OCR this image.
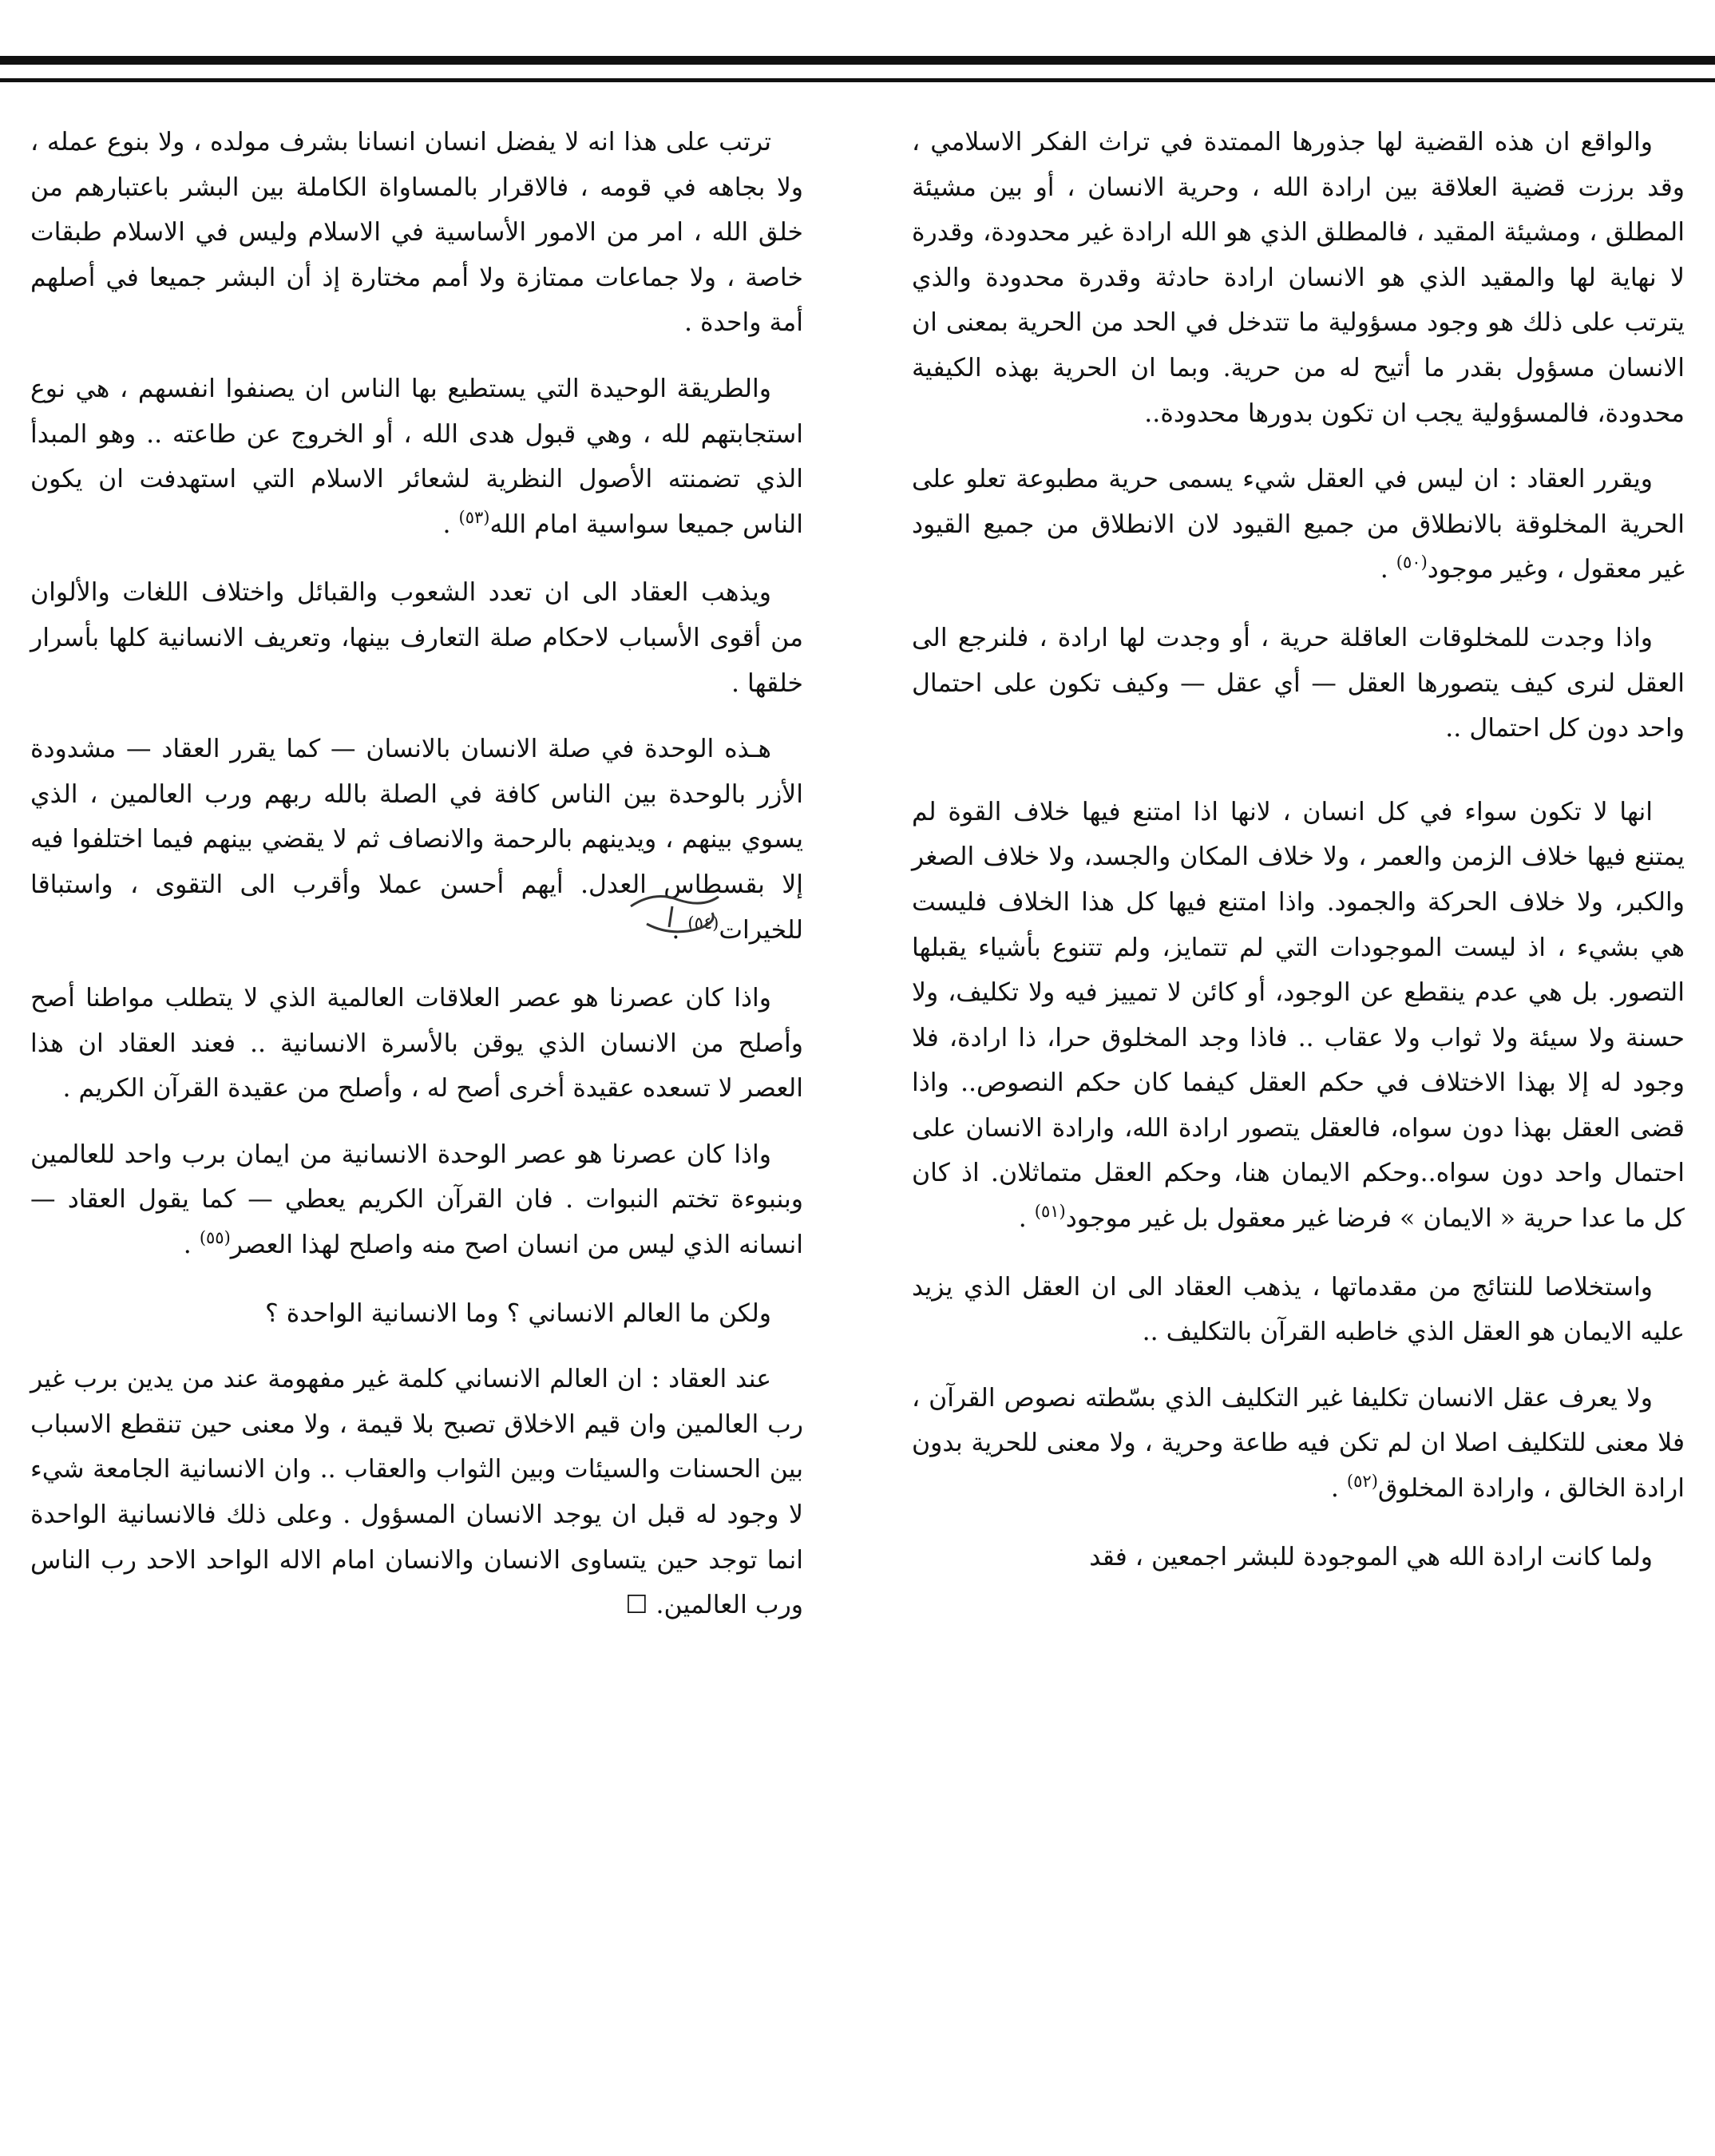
والواقع ان هذه القضية لها جذورها الممتدة في تراث الفكر الاسلامي ، وقد برزت قضية العلاقة بين ارادة الله ، وحرية الانسان ، أو بين مشيئة المطلق ، ومشيئة المقيد ، فالمطلق الذي هو الله ارادة غير محدودة، وقدرة لا نهاية لها والمقيد الذي هو الانسان ارادة حادثة وقدرة محدودة والذي يترتب على ذلك هو وجود مسؤولية ما تتدخل في الحد من الحرية بمعنى ان الانسان مسؤول بقدر ما أتيح له من حرية. وبما ان الحرية بهذه الكيفية محدودة، فالمسؤولية يجب ان تكون بدورها محدودة..

ويقرر العقاد : ان ليس في العقل شيء يسمى حرية مطبوعة تعلو على الحرية المخلوقة بالانطلاق من جميع القيود لان الانطلاق من جميع القيود غير معقول ، وغير موجود$^{(٥٠)}$ .

واذا وجدت للمخلوقات العاقلة حرية ، أو وجدت لها ارادة ، فلنرجع الى العقل لنرى كيف يتصورها العقل — أي عقل — وكيف تكون على احتمال واحد دون كل احتمال ..

انها لا تكون سواء في كل انسان ، لانها اذا امتنع فيها خلاف القوة لم يمتنع فيها خلاف الزمن والعمر ، ولا خلاف المكان والجسد، ولا خلاف الصغر والكبر، ولا خلاف الحركة والجمود. واذا امتنع فيها كل هذا الخلاف فليست هي بشيء ، اذ ليست الموجودات التي لم تتمايز، ولم تتنوع بأشياء يقبلها التصور. بل هي عدم ينقطع عن الوجود، أو كائن لا تمييز فيه ولا تكليف، ولا حسنة ولا سيئة ولا ثواب ولا عقاب .. فاذا وجد المخلوق حرا، ذا ارادة، فلا وجود له إلا بهذا الاختلاف في حكم العقل كيفما كان حكم النصوص.. واذا قضى العقل بهذا دون سواه، فالعقل يتصور ارادة الله، وارادة الانسان على احتمال واحد دون سواه..وحكم الايمان هنا، وحكم العقل متماثلان. اذ كان كل ما عدا حرية « الايمان » فرضا غير معقول بل غير موجود$^{(٥١)}$ .

واستخلاصا للنتائج من مقدماتها ، يذهب العقاد الى ان العقل الذي يزيد عليه الايمان هو العقل الذي خاطبه القرآن بالتكليف ..

ولا يعرف عقل الانسان تكليفا غير التكليف الذي بسّطته نصوص القرآن ، فلا معنى للتكليف اصلا ان لم تكن فيه طاعة وحرية ، ولا معنى للحرية بدون ارادة الخالق ، وارادة المخلوق$^{(٥٢)}$ .

ولما كانت ارادة الله هي الموجودة للبشر اجمعين ، فقد

ترتب على هذا انه لا يفضل انسان انسانا بشرف مولده ، ولا بنوع عمله ، ولا بجاهه في قومه ، فالاقرار بالمساواة الكاملة بين البشر باعتبارهم من خلق الله ، امر من الامور الأساسية في الاسلام وليس في الاسلام طبقات خاصة ، ولا جماعات ممتازة ولا أمم مختارة إذ أن البشر جميعا في أصلهم أمة واحدة .

والطريقة الوحيدة التي يستطيع بها الناس ان يصنفوا انفسهم ، هي نوع استجابتهم لله ، وهي قبول هدى الله ، أو الخروج عن طاعته .. وهو المبدأ الذي تضمنته الأصول النظرية لشعائر الاسلام التي استهدفت ان يكون الناس جميعا سواسية امام الله$^{(٥٣)}$ .

ويذهب العقاد الى ان تعدد الشعوب والقبائل واختلاف اللغات والألوان من أقوى الأسباب لاحكام صلة التعارف بينها، وتعريف الانسانية كلها بأسرار خلقها .

هـذه الوحدة في صلة الانسان بالانسان — كما يقرر العقاد — مشدودة الأزر بالوحدة بين الناس كافة في الصلة بالله ربهم ورب العالمين ، الذي يسوي بينهم ، ويدينهم بالرحمة والانصاف ثم لا يقضي بينهم فيما اختلفوا فيه إلا بقسطاس العدل. أيهم أحسن عملا وأقرب الى التقوى ، واستباقا للخيرات$^{(٥٤)}$ .

واذا كان عصرنا هو عصر العلاقات العالمية الذي لا يتطلب مواطنا أصح وأصلح من الانسان الذي يوقن بالأسرة الانسانية .. فعند العقاد ان هذا العصر لا تسعده عقيدة أخرى أصح له ، وأصلح من عقيدة القرآن الكريم .

واذا كان عصرنا هو عصر الوحدة الانسانية من ايمان برب واحد للعالمين وبنبوءة تختم النبوات . فان القرآن الكريم يعطي — كما يقول العقاد — انسانه الذي ليس من انسان اصح منه واصلح لهذا العصر$^{(٥٥)}$ .

ولكن ما العالم الانساني ؟ وما الانسانية الواحدة ؟

عند العقاد : ان العالم الانساني كلمة غير مفهومة عند من يدين برب غير رب العالمين وان قيم الاخلاق تصبح بلا قيمة ، ولا معنى حين تنقطع الاسباب بين الحسنات والسيئات وبين الثواب والعقاب .. وان الانسانية الجامعة شيء لا وجود له قبل ان يوجد الانسان المسؤول . وعلى ذلك فالانسانية الواحدة انما توجد حين يتساوى الانسان والانسان امام الاله الواحد الاحد رب الناس ورب العالمين. ☐
